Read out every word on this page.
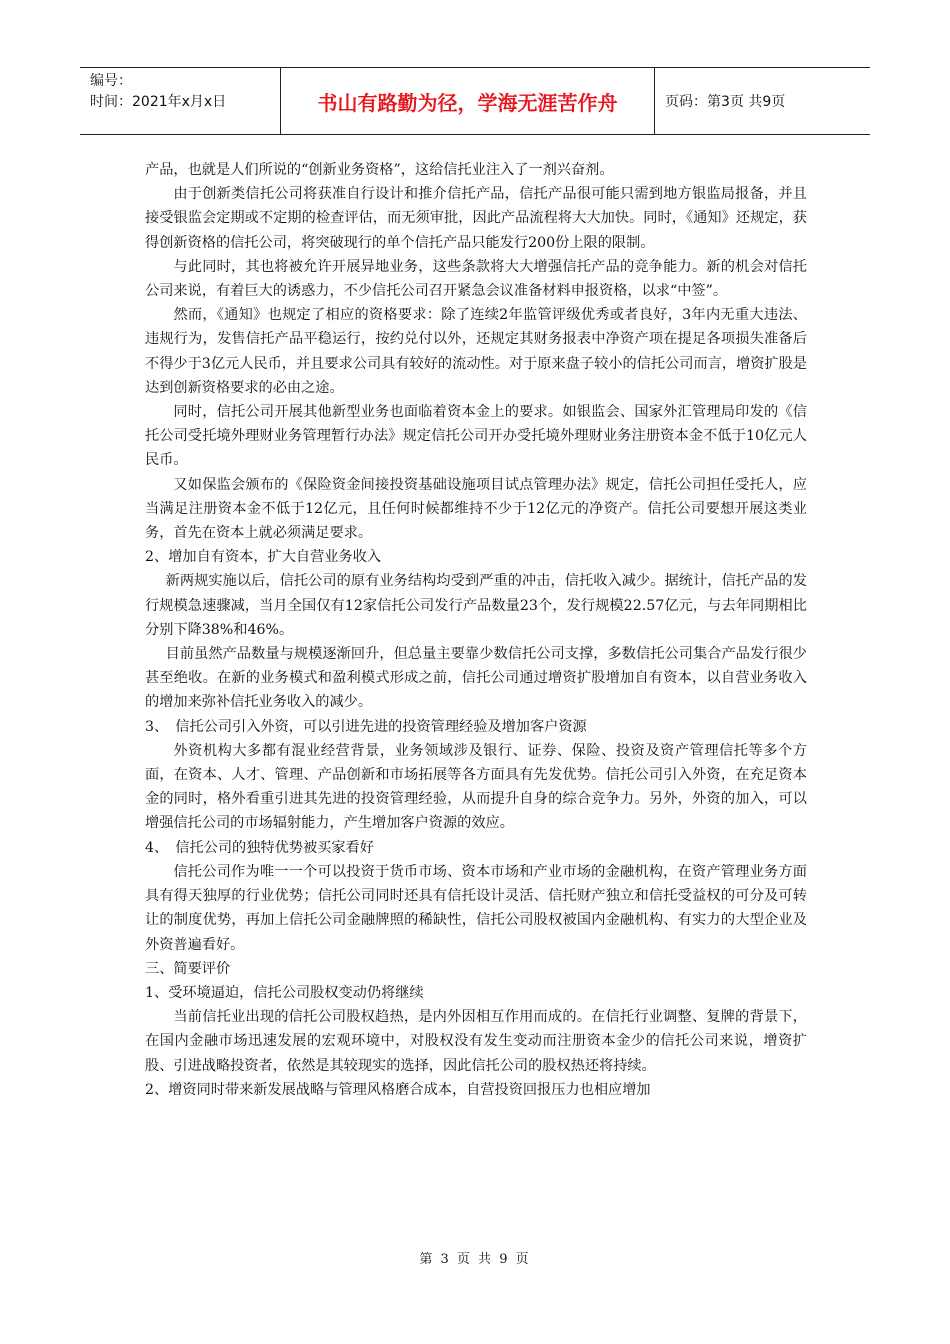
编号：
时间：2021年x月x日	书山有路勤为径，学海无涯苦作舟	页码：第3页 共9页

产品，也就是人们所说的“创新业务资格”，这给信托业注入了一剂兴奋剂。

由于创新类信托公司将获准自行设计和推介信托产品，信托产品很可能只需到地方银监局报备，并且接受银监会定期或不定期的检查评估，而无须审批，因此产品流程将大大加快。同时，《通知》还规定，获得创新资格的信托公司，将突破现行的单个信托产品只能发行200份上限的限制。

与此同时，其也将被允许开展异地业务，这些条款将大大增强信托产品的竞争能力。新的机会对信托公司来说，有着巨大的诱惑力，不少信托公司召开紧急会议准备材料申报资格，以求“中签”。

然而，《通知》也规定了相应的资格要求：除了连续2年监管评级优秀或者良好，3年内无重大违法、违规行为，发售信托产品平稳运行，按约兑付以外，还规定其财务报表中净资产项在提足各项损失准备后不得少于3亿元人民币，并且要求公司具有较好的流动性。对于原来盘子较小的信托公司而言，增资扩股是达到创新资格要求的必由之途。

同时，信托公司开展其他新型业务也面临着资本金上的要求。如银监会、国家外汇管理局印发的《信托公司受托境外理财业务管理暂行办法》规定信托公司开办受托境外理财业务注册资本金不低于10亿元人民币。

又如保监会颁布的《保险资金间接投资基础设施项目试点管理办法》规定，信托公司担任受托人，应当满足注册资本金不低于12亿元，且任何时候都维持不少于12亿元的净资产。信托公司要想开展这类业务，首先在资本上就必须满足要求。

2、增加自有资本，扩大自营业务收入

新两规实施以后，信托公司的原有业务结构均受到严重的冲击，信托收入减少。据统计，信托产品的发行规模急速骤减，当月全国仅有12家信托公司发行产品数量23个，发行规模22.57亿元，与去年同期相比分别下降38%和46%。

目前虽然产品数量与规模逐渐回升，但总量主要靠少数信托公司支撑，多数信托公司集合产品发行很少甚至绝收。在新的业务模式和盈利模式形成之前，信托公司通过增资扩股增加自有资本，以自营业务收入的增加来弥补信托业务收入的减少。

3、　信托公司引入外资，可以引进先进的投资管理经验及增加客户资源

外资机构大多都有混业经营背景，业务领域涉及银行、证券、保险、投资及资产管理信托等多个方面，在资本、人才、管理、产品创新和市场拓展等各方面具有先发优势。信托公司引入外资，在充足资本金的同时，格外看重引进其先进的投资管理经验，从而提升自身的综合竞争力。另外，外资的加入，可以增强信托公司的市场辐射能力，产生增加客户资源的效应。

4、　信托公司的独特优势被买家看好

信托公司作为唯一一个可以投资于货币市场、资本市场和产业市场的金融机构，在资产管理业务方面具有得天独厚的行业优势；信托公司同时还具有信托设计灵活、信托财产独立和信托受益权的可分及可转让的制度优势，再加上信托公司金融牌照的稀缺性，信托公司股权被国内金融机构、有实力的大型企业及外资普遍看好。

三、简要评价

1、受环境逼迫，信托公司股权变动仍将继续

当前信托业出现的信托公司股权趋热，是内外因相互作用而成的。在信托行业调整、复牌的背景下，在国内金融市场迅速发展的宏观环境中，对股权没有发生变动而注册资本金少的信托公司来说，增资扩股、引进战略投资者，依然是其较现实的选择，因此信托公司的股权热还将持续。

2、增资同时带来新发展战略与管理风格磨合成本，自营投资回报压力也相应增加

第 3 页 共 9 页
